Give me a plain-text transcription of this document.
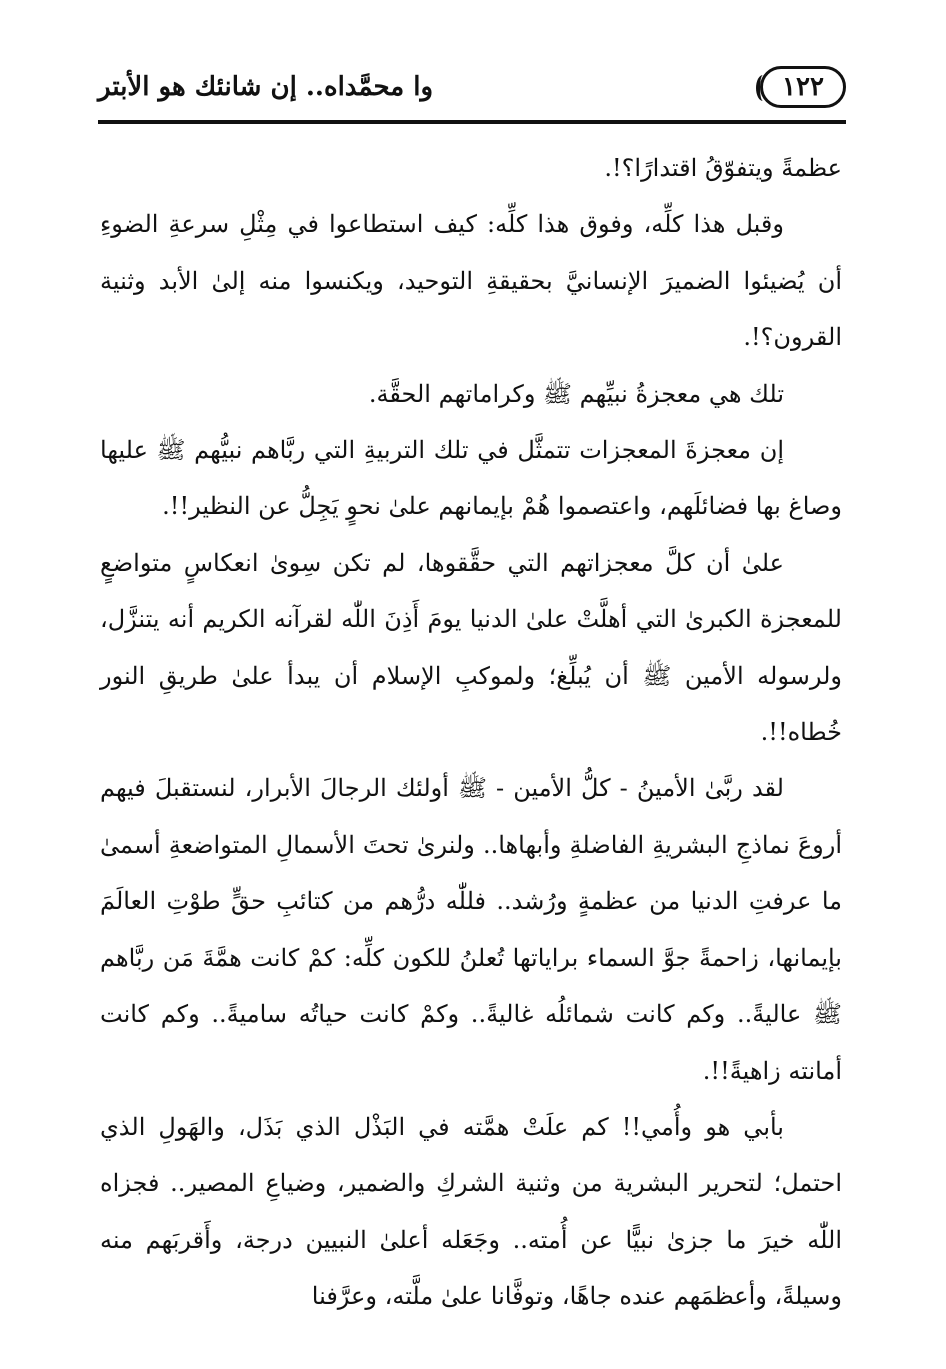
١٢٢
وا محمَّداه.. إن شانئك هو الأبتر

عظمةً ويتفوّقُ اقتدارًا؟!.

وقبل هذا كلِّه، وفوق هذا كلِّه: كيف استطاعوا في مِثْلِ سرعةِ الضوءِ أن يُضيئوا الضميرَ الإنسانيَّ بحقيقةِ التوحيد، ويكنسوا منه إلىٰ الأبد وثنية القرون؟!.

تلك هي معجزةُ نبيِّهم ﷺ وكراماتهم الحقَّة.

إن معجزةَ المعجزات تتمثَّل في تلك التربيةِ التي ربَّاهم نبيُّهم ﷺ عليها وصاغ بها فضائلَهم، واعتصموا هُمْ بإيمانهم علىٰ نحوٍ يَجِلُّ عن النظير!!.

علىٰ أن كلَّ معجزاتهم التي حقَّقوها، لم تكن سِوىٰ انعكاسٍ متواضعٍ للمعجزة الكبرىٰ التي أهلَّتْ علىٰ الدنيا يومَ أَذِنَ اللّٰه لقرآنه الكريم أنه يتنزَّل، ولرسوله الأمين ﷺ أن يُبلِّغ؛ ولموكبِ الإسلام أن يبدأ علىٰ طريقِ النور خُطاه!!.

لقد ربَّىٰ الأمينُ - كلُّ الأمين - ﷺ أولئك الرجالَ الأبرار، لنستقبلَ فيهم أروعَ نماذجِ البشريةِ الفاضلةِ وأبهاها.. ولنرىٰ تحتَ الأسمالِ المتواضعةِ أسمىٰ ما عرفتِ الدنيا من عظمةٍ ورُشد.. فللّٰه درُّهم من كتائبِ حقٍّ طوْتِ العالَمَ بإيمانها، زاحمةً جوَّ السماء براياتها تُعلنُ للكون كلِّه: كمْ كانت همَّةَ مَن ربَّاهم ﷺ عاليةً.. وكم كانت شمائلُه غاليةً.. وكمْ كانت حياتُه ساميةً.. وكم كانت أمانته زاهيةً!!.

بأبي هو وأُمي!! كم علَتْ همَّته في البَذْل الذي بَذَل، والهَولِ الذي احتمل؛ لتحرير البشرية من وثنية الشركِ والضمير، وضياعِ المصير.. فجزاه اللّٰه خيرَ ما جزىٰ نبيًّا عن أُمته.. وجَعَله أعلىٰ النبيين درجة، وأَقربَهم منه وسيلةً، وأعظمَهم عنده جاهًا، وتوفَّانا علىٰ ملَّته، وعرَّفنا
